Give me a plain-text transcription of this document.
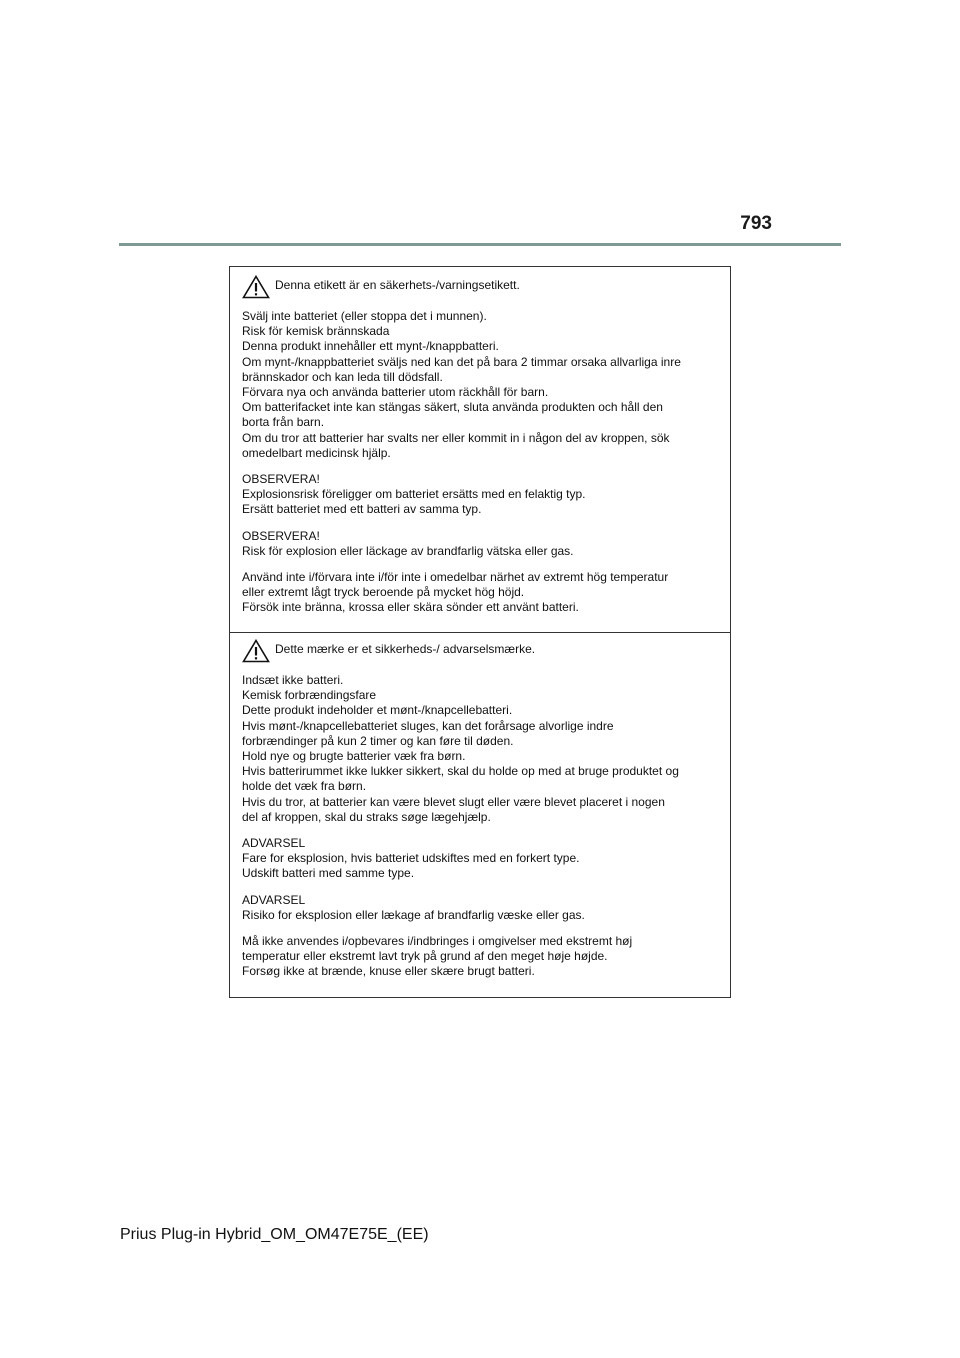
793

Denna etikett är en säkerhets-/varningsetikett.

Svälj inte batteriet (eller stoppa det i munnen).
Risk för kemisk brännskada
Denna produkt innehåller ett mynt-/knappbatteri.
Om mynt-/knappbatteriet sväljs ned kan det på bara 2 timmar orsaka allvarliga inre
brännskador och kan leda till dödsfall.
Förvara nya och använda batterier utom räckhåll för barn.
Om batterifacket inte kan stängas säkert, sluta använda produkten och håll den
borta från barn.
Om du tror att batterier har svalts ner eller kommit in i någon del av kroppen, sök
omedelbart medicinsk hjälp.

OBSERVERA!
Explosionsrisk föreligger om batteriet ersätts med en felaktig typ.
Ersätt batteriet med ett batteri av samma typ.

OBSERVERA!
Risk för explosion eller läckage av brandfarlig vätska eller gas.

Använd inte i/förvara inte i/för inte i omedelbar närhet av extremt hög temperatur
eller extremt lågt tryck beroende på mycket hög höjd.
Försök inte bränna, krossa eller skära sönder ett använt batteri.

Dette mærke er et sikkerheds-/ advarselsmærke.

Indsæt ikke batteri.
Kemisk forbrændingsfare
Dette produkt indeholder et mønt-/knapcellebatteri.
Hvis mønt-/knapcellebatteriet sluges, kan det forårsage alvorlige indre
forbrændinger på kun 2 timer og kan føre til døden.
Hold nye og brugte batterier væk fra børn.
Hvis batterirummet ikke lukker sikkert, skal du holde op med at bruge produktet og
holde det væk fra børn.
Hvis du tror, at batterier kan være blevet slugt eller være blevet placeret i nogen
del af kroppen, skal du straks søge lægehjælp.

ADVARSEL
Fare for eksplosion, hvis batteriet udskiftes med en forkert type.
Udskift batteri med samme type.

ADVARSEL
Risiko for eksplosion eller lækage af brandfarlig væske eller gas.

Må ikke anvendes i/opbevares i/indbringes i omgivelser med ekstremt høj
temperatur eller ekstremt lavt tryk på grund af den meget høje højde.
Forsøg ikke at brænde, knuse eller skære brugt batteri.

Prius Plug-in Hybrid_OM_OM47E75E_(EE)
